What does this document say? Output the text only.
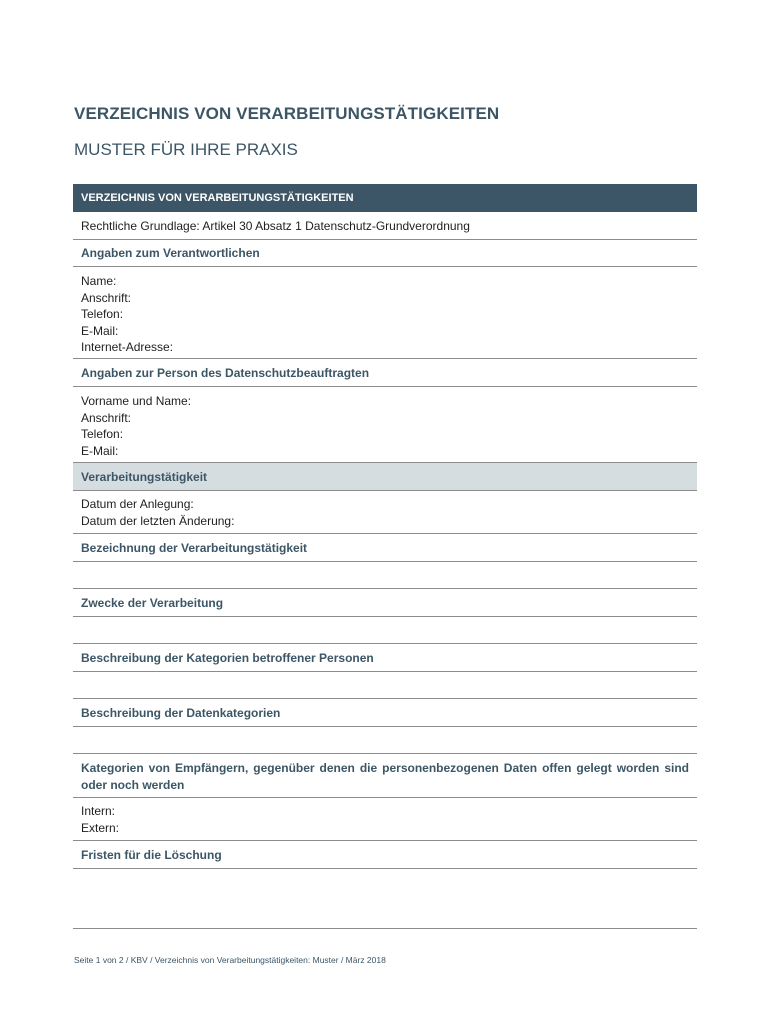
VERZEICHNIS VON VERARBEITUNGSTÄTIGKEITEN
MUSTER FÜR IHRE PRAXIS
VERZEICHNIS VON VERARBEITUNGSTÄTIGKEITEN
Rechtliche Grundlage: Artikel 30 Absatz 1 Datenschutz-Grundverordnung
Angaben zum Verantwortlichen
Name:
Anschrift:
Telefon:
E-Mail:
Internet-Adresse:
Angaben zur Person des Datenschutzbeauftragten
Vorname und Name:
Anschrift:
Telefon:
E-Mail:
Verarbeitungstätigkeit
Datum der Anlegung:
Datum der letzten Änderung:
Bezeichnung der Verarbeitungstätigkeit
Zwecke der Verarbeitung
Beschreibung der Kategorien betroffener Personen
Beschreibung der Datenkategorien
Kategorien von Empfängern, gegenüber denen die personenbezogenen Daten offen gelegt worden sind oder noch werden
Intern:
Extern:
Fristen für die Löschung
Seite 1 von 2 / KBV / Verzeichnis von Verarbeitungstätigkeiten: Muster / März 2018
